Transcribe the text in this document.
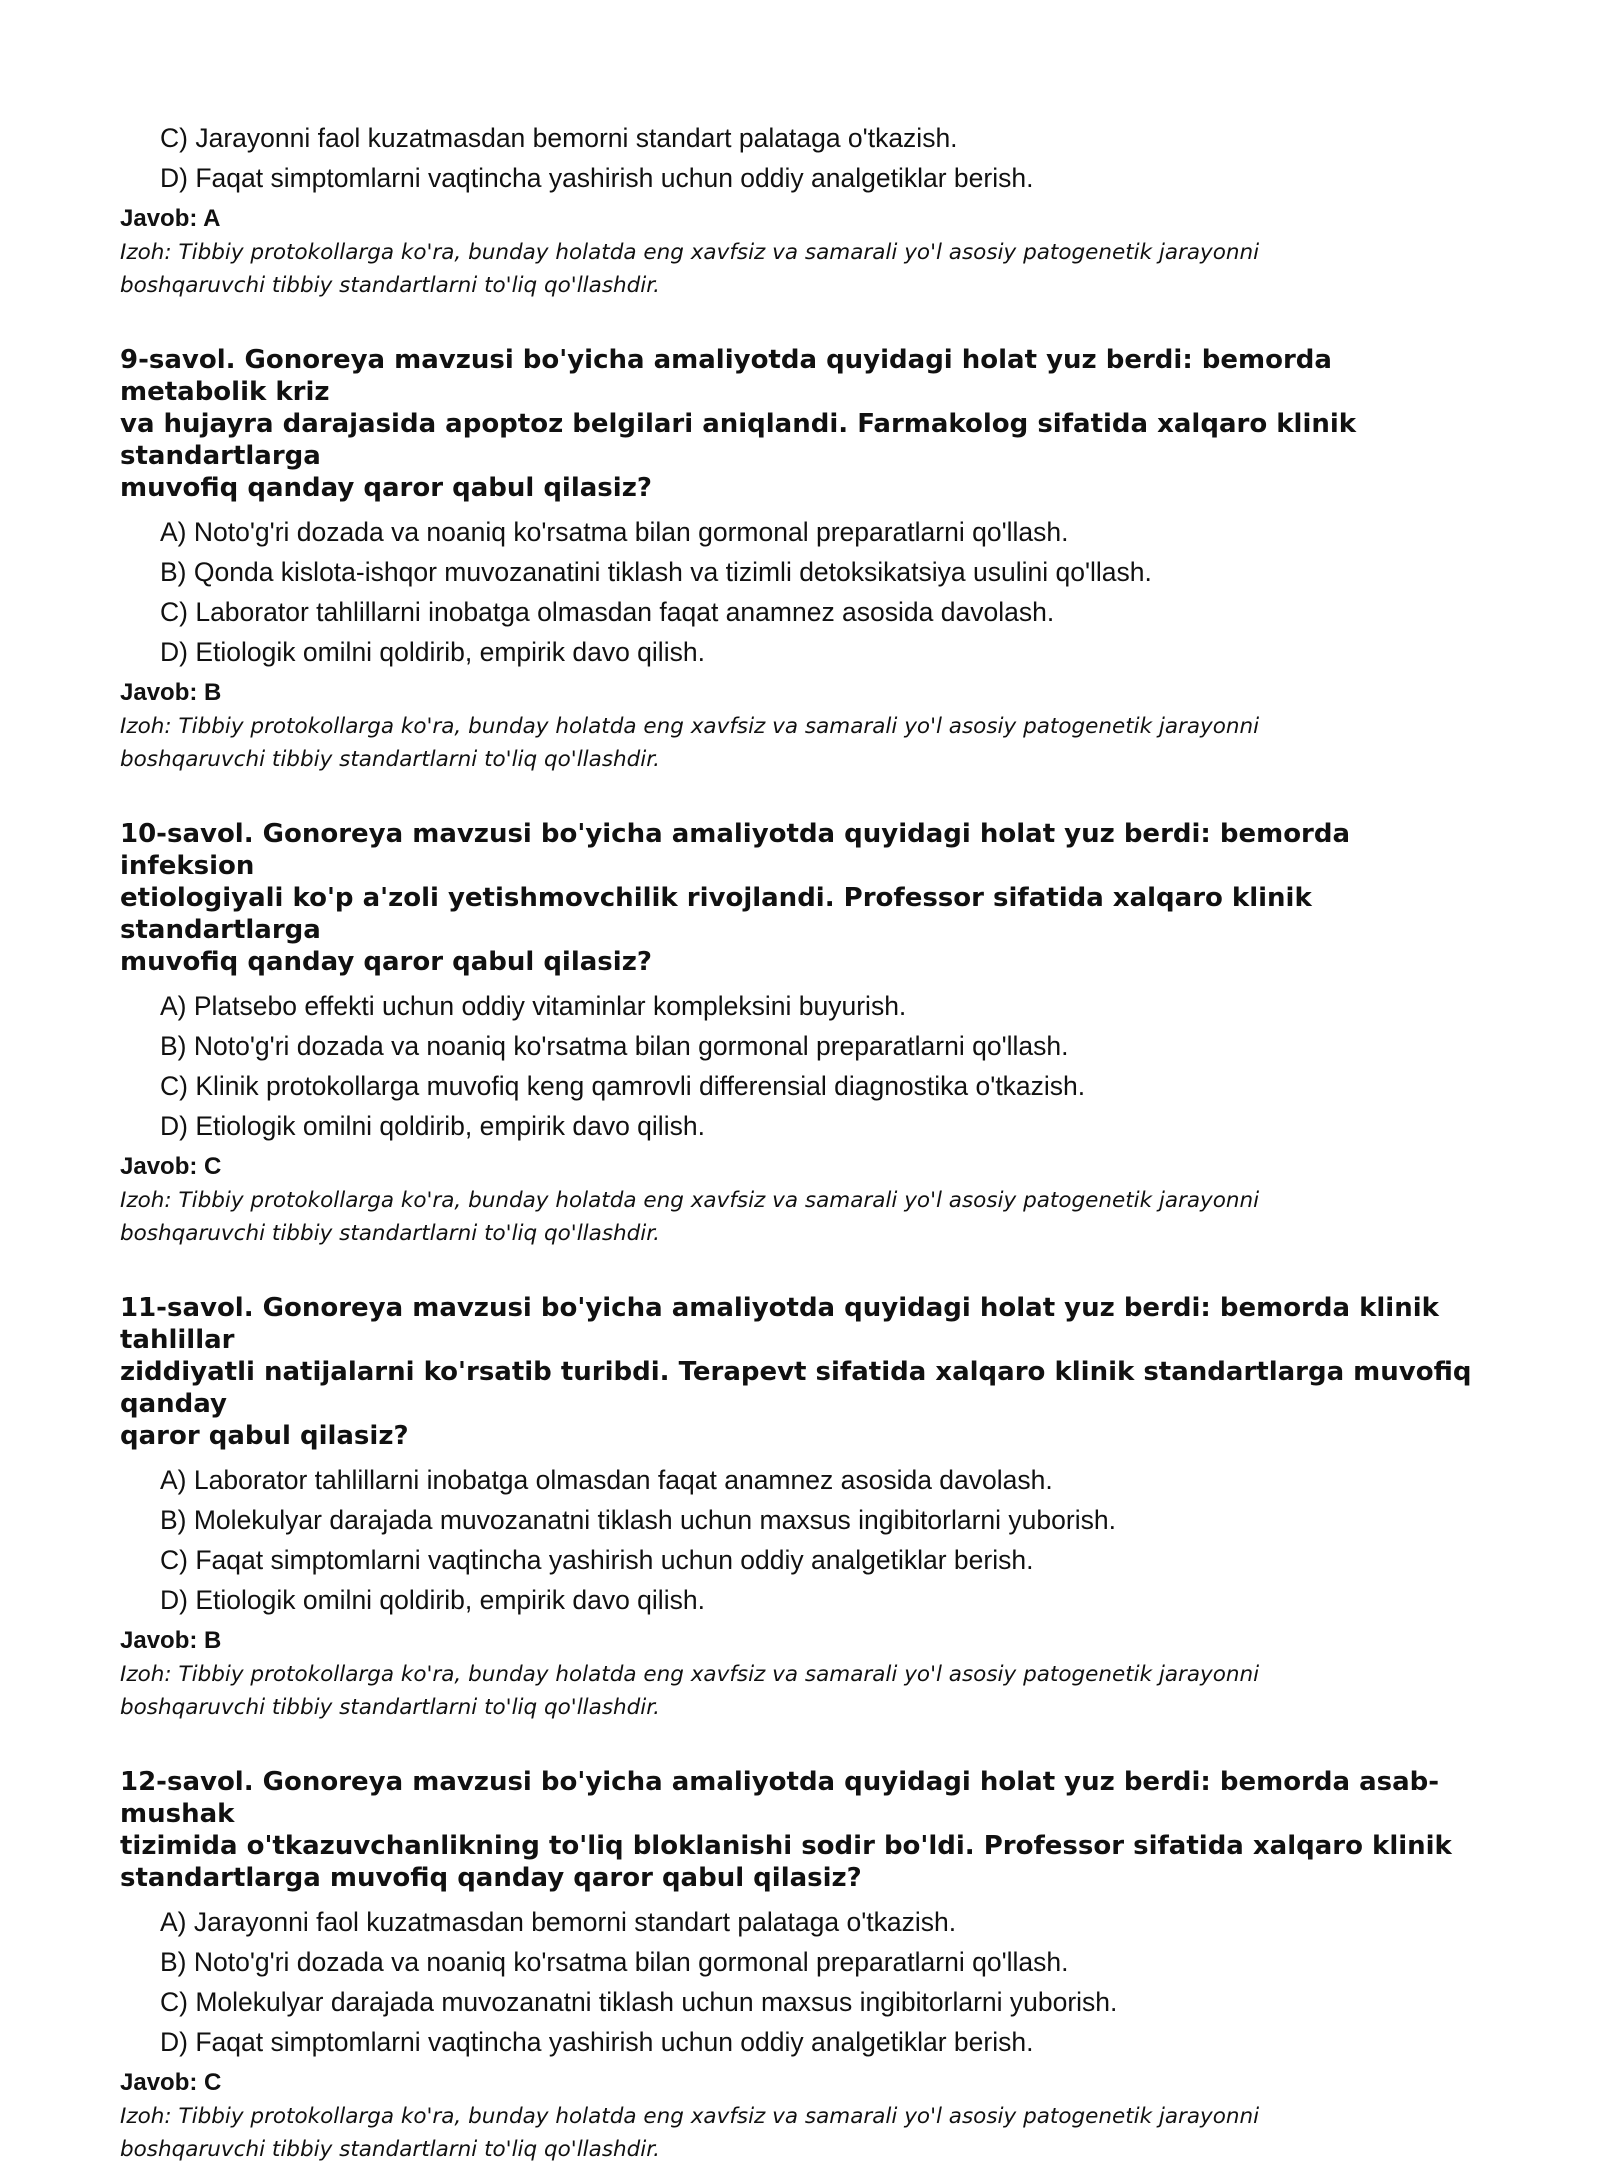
C) Jarayonni faol kuzatmasdan bemorni standart palataga o'tkazish.
D) Faqat simptomlarni vaqtincha yashirish uchun oddiy analgetiklar berish.
Javob: A
Izoh: Tibbiy protokollarga ko'ra, bunday holatda eng xavfsiz va samarali yo'l asosiy patogenetik jarayonni
boshqaruvchi tibbiy standartlarni to'liq qo'llashdir.
9-savol. Gonoreya mavzusi bo'yicha amaliyotda quyidagi holat yuz berdi: bemorda metabolik kriz
va hujayra darajasida apoptoz belgilari aniqlandi. Farmakolog sifatida xalqaro klinik standartlarga
muvofiq qanday qaror qabul qilasiz?
A) Noto'g'ri dozada va noaniq ko'rsatma bilan gormonal preparatlarni qo'llash.
B) Qonda kislota-ishqor muvozanatini tiklash va tizimli detoksikatsiya usulini qo'llash.
C) Laborator tahlillarni inobatga olmasdan faqat anamnez asosida davolash.
D) Etiologik omilni qoldirib, empirik davo qilish.
Javob: B
Izoh: Tibbiy protokollarga ko'ra, bunday holatda eng xavfsiz va samarali yo'l asosiy patogenetik jarayonni
boshqaruvchi tibbiy standartlarni to'liq qo'llashdir.
10-savol. Gonoreya mavzusi bo'yicha amaliyotda quyidagi holat yuz berdi: bemorda infeksion
etiologiyali ko'p a'zoli yetishmovchilik rivojlandi. Professor sifatida xalqaro klinik standartlarga
muvofiq qanday qaror qabul qilasiz?
A) Platsebo effekti uchun oddiy vitaminlar kompleksini buyurish.
B) Noto'g'ri dozada va noaniq ko'rsatma bilan gormonal preparatlarni qo'llash.
C) Klinik protokollarga muvofiq keng qamrovli differensial diagnostika o'tkazish.
D) Etiologik omilni qoldirib, empirik davo qilish.
Javob: C
Izoh: Tibbiy protokollarga ko'ra, bunday holatda eng xavfsiz va samarali yo'l asosiy patogenetik jarayonni
boshqaruvchi tibbiy standartlarni to'liq qo'llashdir.
11-savol. Gonoreya mavzusi bo'yicha amaliyotda quyidagi holat yuz berdi: bemorda klinik tahlillar
ziddiyatli natijalarni ko'rsatib turibdi. Terapevt sifatida xalqaro klinik standartlarga muvofiq qanday
qaror qabul qilasiz?
A) Laborator tahlillarni inobatga olmasdan faqat anamnez asosida davolash.
B) Molekulyar darajada muvozanatni tiklash uchun maxsus ingibitorlarni yuborish.
C) Faqat simptomlarni vaqtincha yashirish uchun oddiy analgetiklar berish.
D) Etiologik omilni qoldirib, empirik davo qilish.
Javob: B
Izoh: Tibbiy protokollarga ko'ra, bunday holatda eng xavfsiz va samarali yo'l asosiy patogenetik jarayonni
boshqaruvchi tibbiy standartlarni to'liq qo'llashdir.
12-savol. Gonoreya mavzusi bo'yicha amaliyotda quyidagi holat yuz berdi: bemorda asab-mushak
tizimida o'tkazuvchanlikning to'liq bloklanishi sodir bo'ldi. Professor sifatida xalqaro klinik
standartlarga muvofiq qanday qaror qabul qilasiz?
A) Jarayonni faol kuzatmasdan bemorni standart palataga o'tkazish.
B) Noto'g'ri dozada va noaniq ko'rsatma bilan gormonal preparatlarni qo'llash.
C) Molekulyar darajada muvozanatni tiklash uchun maxsus ingibitorlarni yuborish.
D) Faqat simptomlarni vaqtincha yashirish uchun oddiy analgetiklar berish.
Javob: C
Izoh: Tibbiy protokollarga ko'ra, bunday holatda eng xavfsiz va samarali yo'l asosiy patogenetik jarayonni
boshqaruvchi tibbiy standartlarni to'liq qo'llashdir.
